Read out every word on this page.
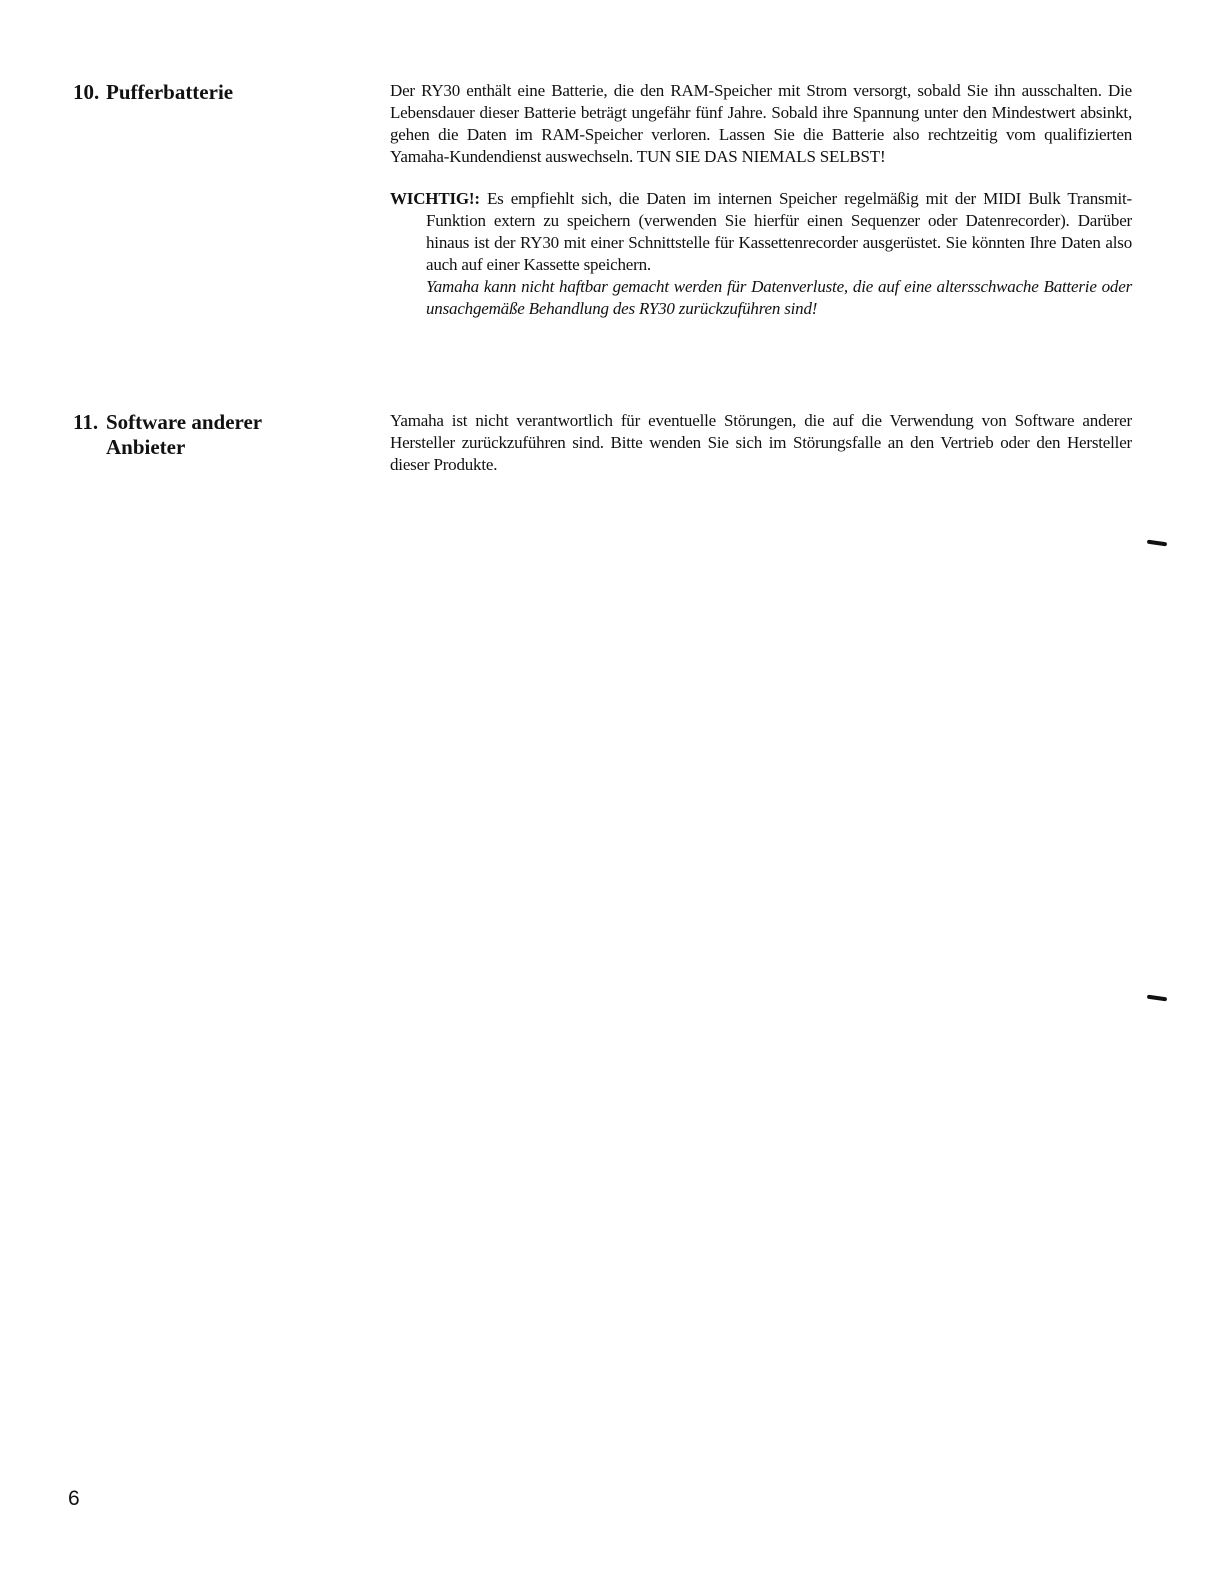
10. Pufferbatterie	Der RY30 enthält eine Batterie, die den RAM-Speicher mit Strom versorgt, sobald Sie ihn ausschalten. Die Lebensdauer dieser Batterie beträgt ungefähr fünf Jahre. Sobald ihre Spannung unter den Mindestwert absinkt, gehen die Daten im RAM-Speicher verloren. Lassen Sie die Batterie also rechtzeitig vom qualifizierten Yamaha-Kundendienst auswechseln. TUN SIE DAS NIEMALS SELBST!

WICHTIG!: Es empfiehlt sich, die Daten im internen Speicher regelmäßig mit der MIDI Bulk Transmit-Funktion extern zu speichern (verwenden Sie hierfür einen Sequenzer oder Datenrecorder). Darüber hinaus ist der RY30 mit einer Schnittstelle für Kassettenrecorder ausgerüstet. Sie könnten Ihre Daten also auch auf einer Kassette speichern.

Yamaha kann nicht haftbar gemacht werden für Datenverluste, die auf eine altersschwache Batterie oder unsachgemäße Behandlung des RY30 zurückzuführen sind!

11. Software anderer
Anbieter

Yamaha ist nicht verantwortlich für eventuelle Störungen, die auf die Verwendung von Software anderer Hersteller zurückzuführen sind. Bitte wenden Sie sich im Störungsfalle an den Vertrieb oder den Hersteller dieser Produkte.

6
